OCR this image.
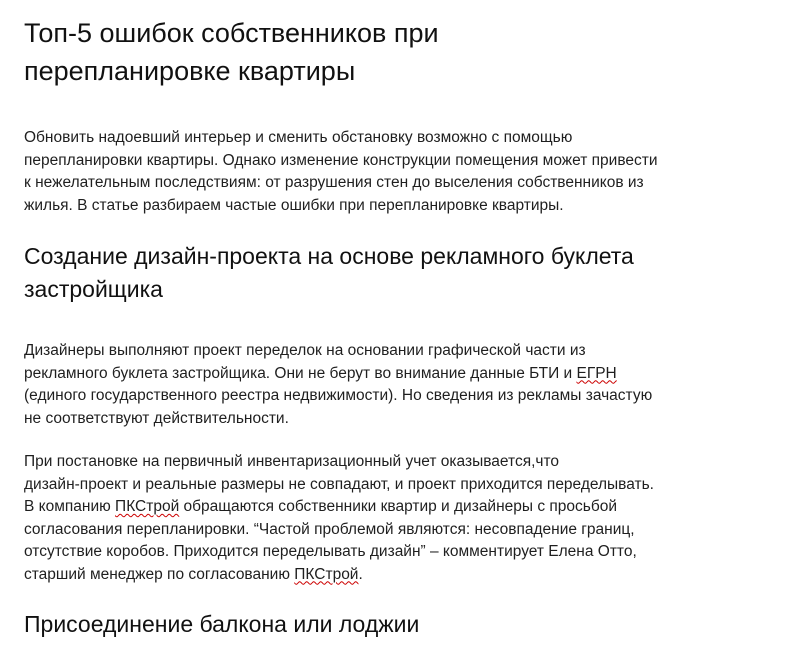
Топ-5 ошибок собственников при
перепланировке квартиры

Обновить надоевший интерьер и сменить обстановку возможно с помощью
перепланировки квартиры. Однако изменение конструкции помещения может привести
к нежелательным последствиям: от разрушения стен до выселения собственников из
жилья. В статье разбираем частые ошибки при перепланировке квартиры.

Создание дизайн-проекта на основе рекламного буклета
застройщика

Дизайнеры выполняют проект переделок на основании графической части из
рекламного буклета застройщика. Они не берут во внимание данные БТИ и ЕГРН
(единого государственного реестра недвижимости). Но сведения из рекламы зачастую
не соответствуют действительности.

При постановке на первичный инвентаризационный учет оказывается,что
дизайн-проект и реальные размеры не совпадают, и проект приходится переделывать.
В компанию ПКСтрой обращаются собственники квартир и дизайнеры с просьбой
согласования перепланировки. “Частой проблемой являются: несовпадение границ,
отсутствие коробов. Приходится переделывать дизайн” – комментирует Елена Отто,
старший менеджер по согласованию ПКСтрой.

Присоединение балкона или лоджии
